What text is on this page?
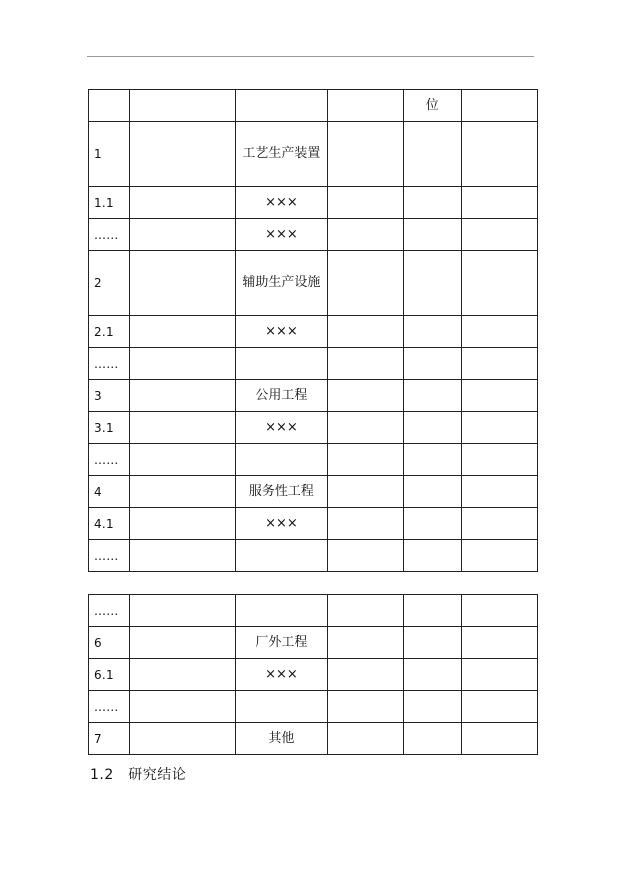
				位	
1		工艺生产装置			
1.1		×××			
……		×××			
2		辅助生产设施			
2.1		×××			
……					
3		公用工程			
3.1		×××			
……					
4		服务性工程			
4.1		×××			
……					
……					
6		厂外工程			
6.1		×××			
……					
7		其他			
1.2　研究结论
